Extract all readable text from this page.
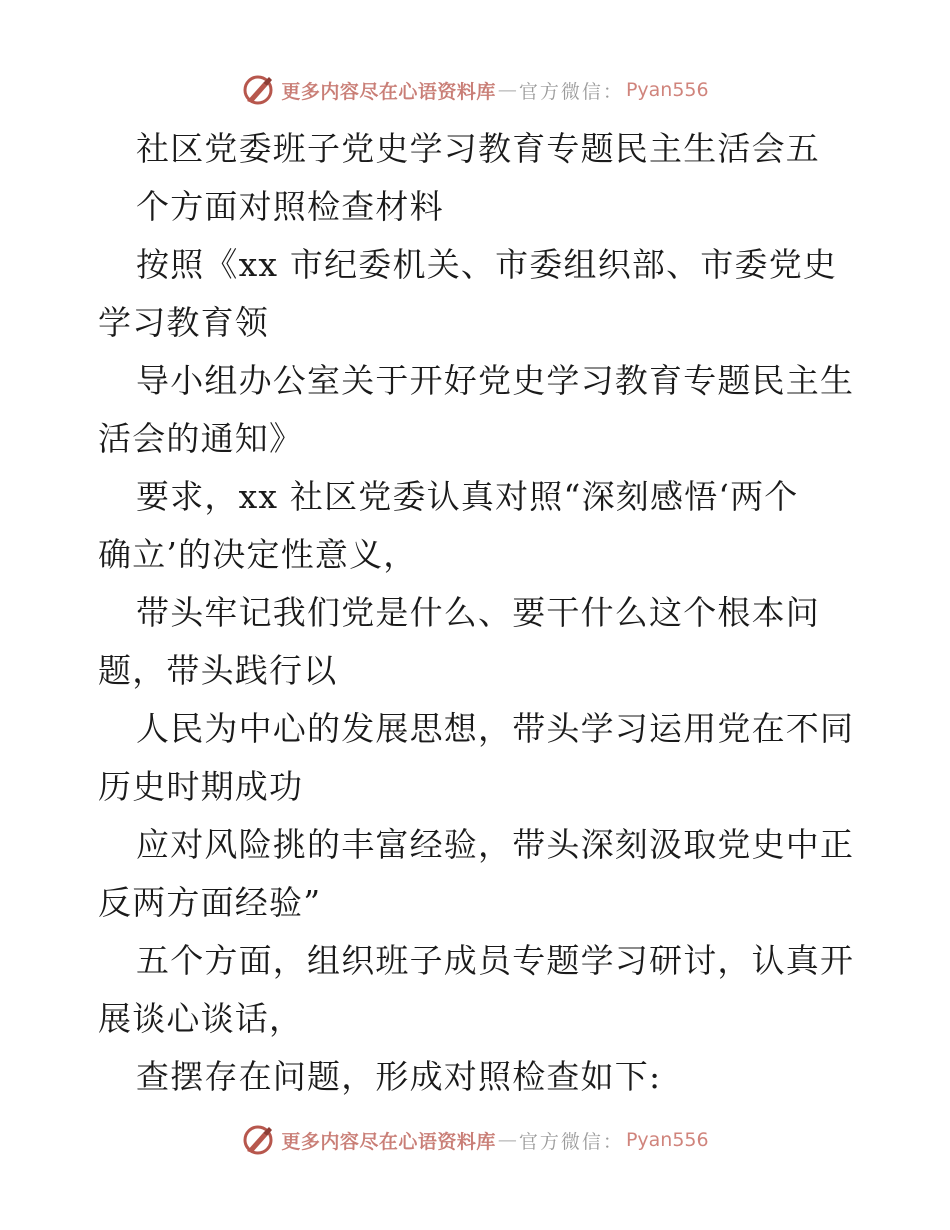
更多内容尽在心语资料库 — 官方微信 ： Pyan556
社区党委班子党史学习教育专题民主生活会五
个方面对照检查材料
按照《xx 市纪委机关、市委组织部、市委党史
学习教育领
导小组办公室关于开好党史学习教育专题民主生
活会的通知》
要求，xx 社区党委认真对照“深刻感悟‘两个
确立’的决定性意义，
带头牢记我们党是什么、要干什么这个根本问
题，带头践行以
人民为中心的发展思想，带头学习运用党在不同
历史时期成功
应对风险挑的丰富经验，带头深刻汲取党史中正
反两方面经验”
五个方面，组织班子成员专题学习研讨，认真开
展谈心谈话，
查摆存在问题，形成对照检查如下:
更多内容尽在心语资料库 — 官方微信 ： Pyan556
